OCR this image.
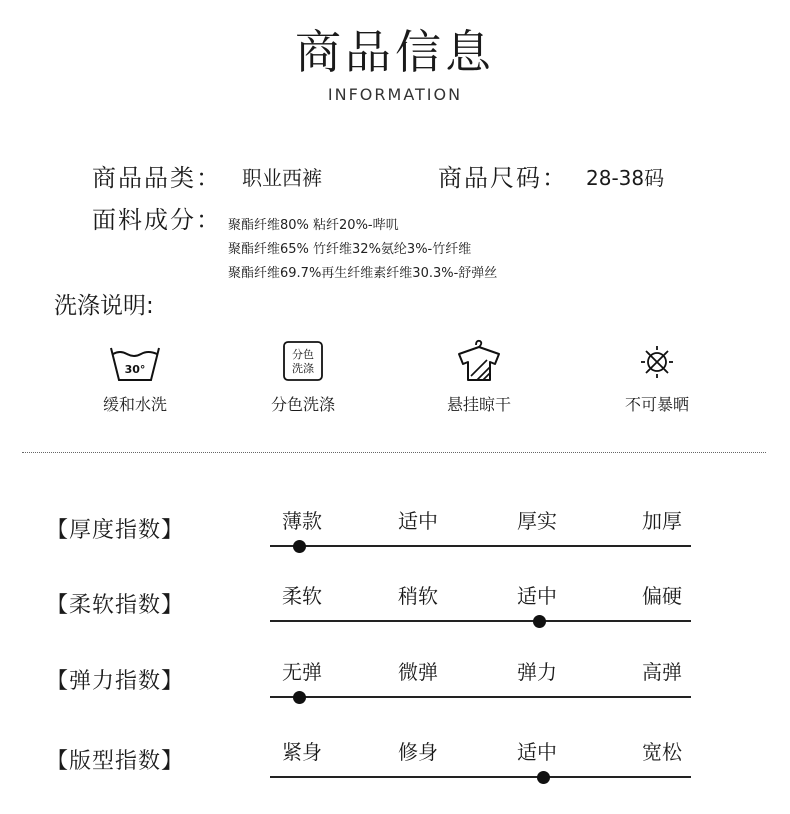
商品信息
INFORMATION
商品品类： 职业西裤	商品尺码： 28-38码
面料成分： 聚酯纤维80% 粘纤20%-哔叽
聚酯纤维65% 竹纤维32%氨纶3%-竹纤维
聚酯纤维69.7%再生纤维素纤维30.3%-舒弹丝
洗涤说明:
30°
缓和水洗
分色
洗涤
分色洗涤	悬挂晾干	不可暴晒
【厚度指数】	薄款	适中	厚实	加厚
【柔软指数】	柔软	稍软	适中	偏硬
【弹力指数】	无弹	微弹	弹力	高弹
【版型指数】	紧身	修身	适中	宽松
